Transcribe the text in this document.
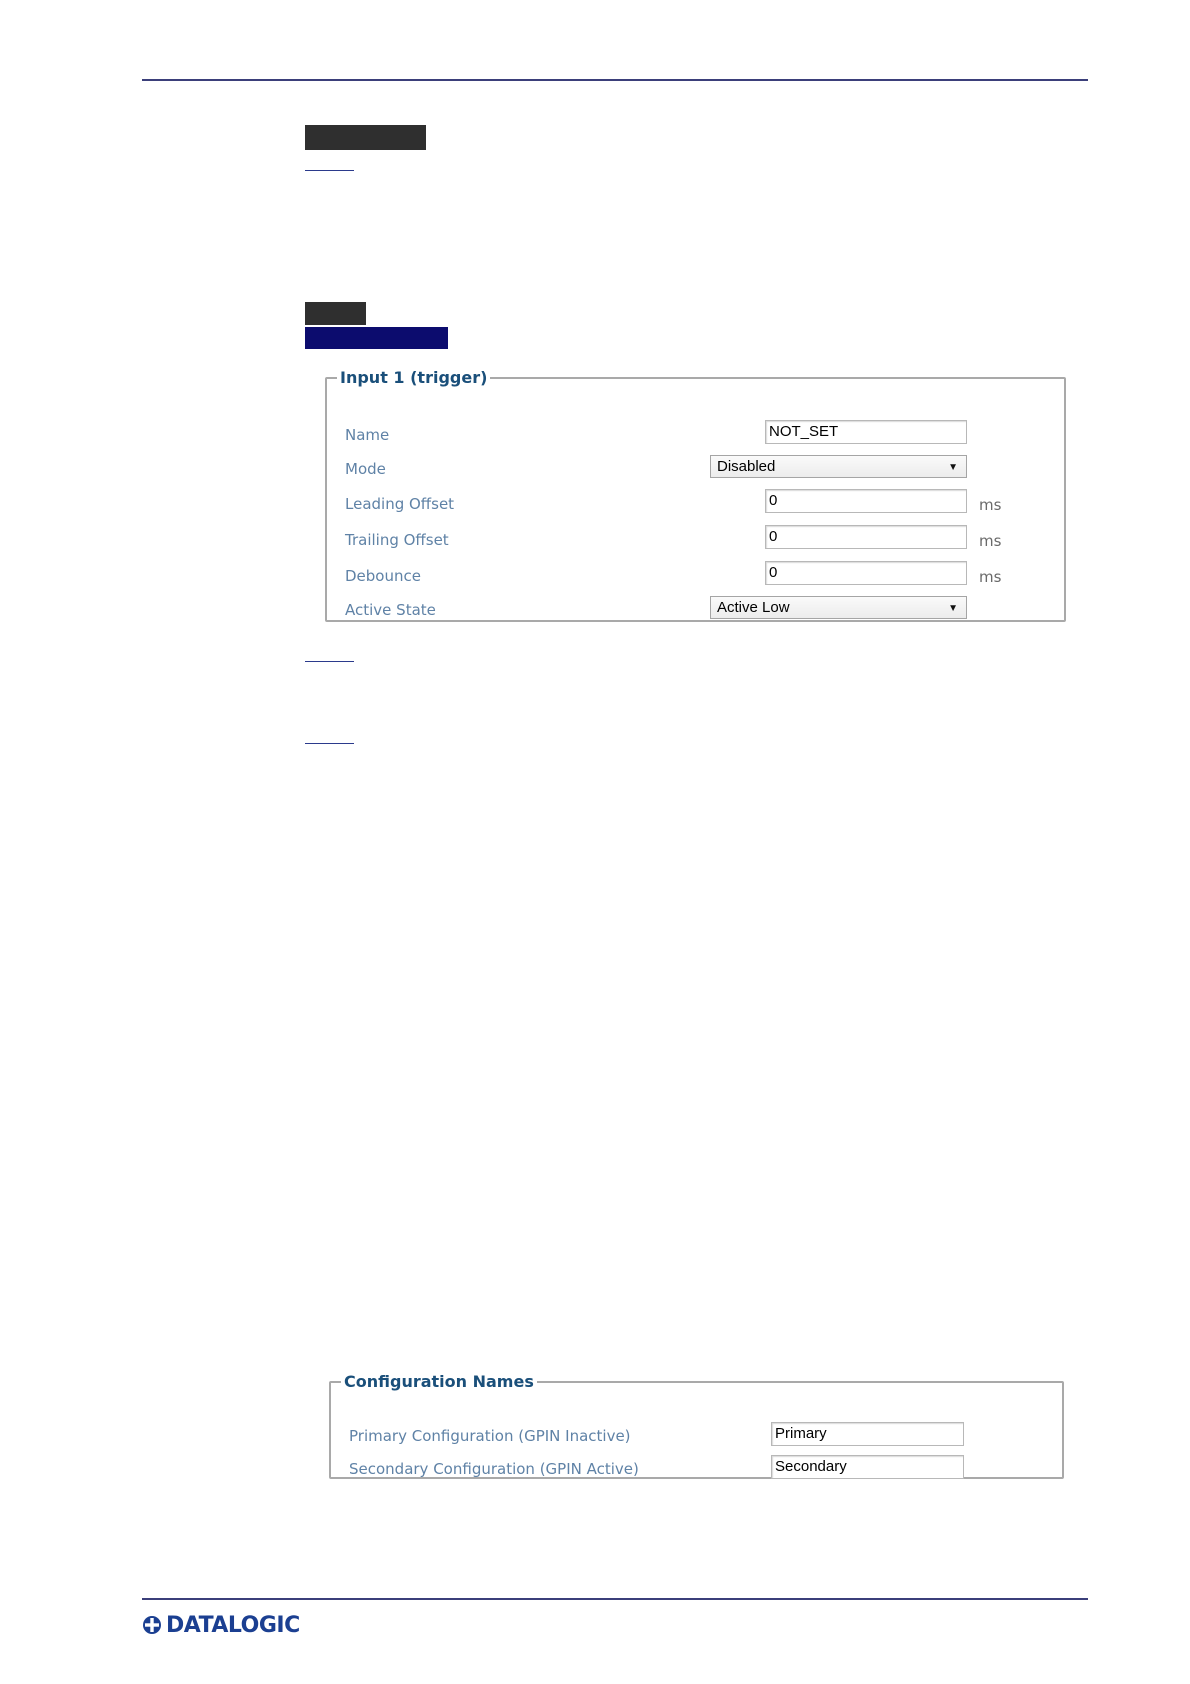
Input 1 (trigger)
Name	NOT_SET
Mode	Disabled	▼
Leading Offset	0	ms
Trailing Offset	0	ms
Debounce	0	ms
Active State	Active Low	▼
Configuration Names
Primary Configuration (GPIN Inactive)	Primary
Secondary Configuration (GPIN Active)	Secondary
DATALOGIC
